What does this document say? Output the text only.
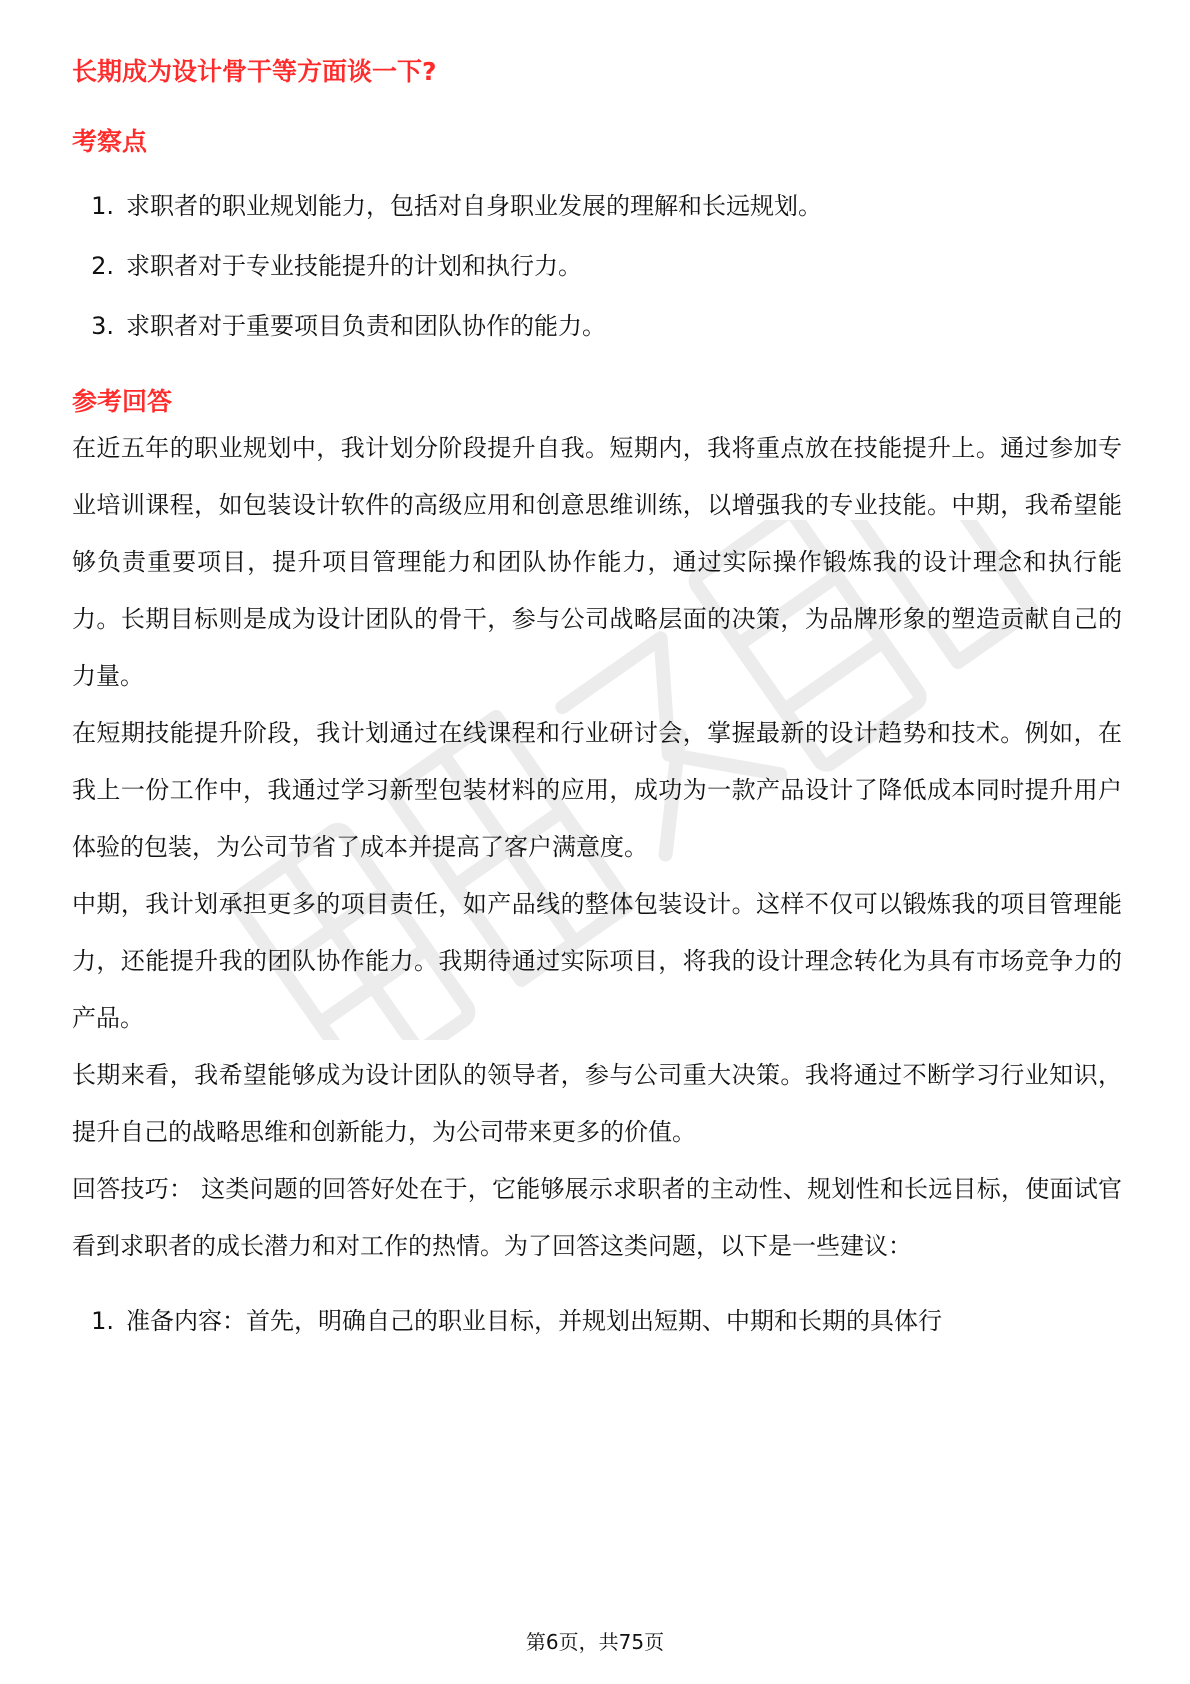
长期成为设计骨干等方面谈一下?
考察点
1. 求职者的职业规划能力，包括对自身职业发展的理解和长远规划。
2. 求职者对于专业技能提升的计划和执行力。
3. 求职者对于重要项目负责和团队协作的能力。
参考回答

在近五年的职业规划中，我计划分阶段提升自我。短期内，我将重点放在技能提升上。通过参加专业培训课程，如包装设计软件的高级应用和创意思维训练，以增强我的专业技能。中期，我希望能够负责重要项目，提升项目管理能力和团队协作能力，通过实际操作锻炼我的设计理念和执行能力。长期目标则是成为设计团队的骨干，参与公司战略层面的决策，为品牌形象的塑造贡献自己的力量。

在短期技能提升阶段，我计划通过在线课程和行业研讨会，掌握最新的设计趋势和技术。例如，在我上一份工作中，我通过学习新型包装材料的应用，成功为一款产品设计了降低成本同时提升用户体验的包装，为公司节省了成本并提高了客户满意度。

中期，我计划承担更多的项目责任，如产品线的整体包装设计。这样不仅可以锻炼我的项目管理能力，还能提升我的团队协作能力。我期待通过实际项目，将我的设计理念转化为具有市场竞争力的产品。

长期来看，我希望能够成为设计团队的领导者，参与公司重大决策。我将通过不断学习行业知识，提升自己的战略思维和创新能力，为公司带来更多的价值。

回答技巧： 这类问题的回答好处在于，它能够展示求职者的主动性、规划性和长远目标，使面试官看到求职者的成长潜力和对工作的热情。为了回答这类问题，以下是一些建议：

1. 准备内容：首先，明确自己的职业目标，并规划出短期、中期和长期的具体行
第6页，共75页
